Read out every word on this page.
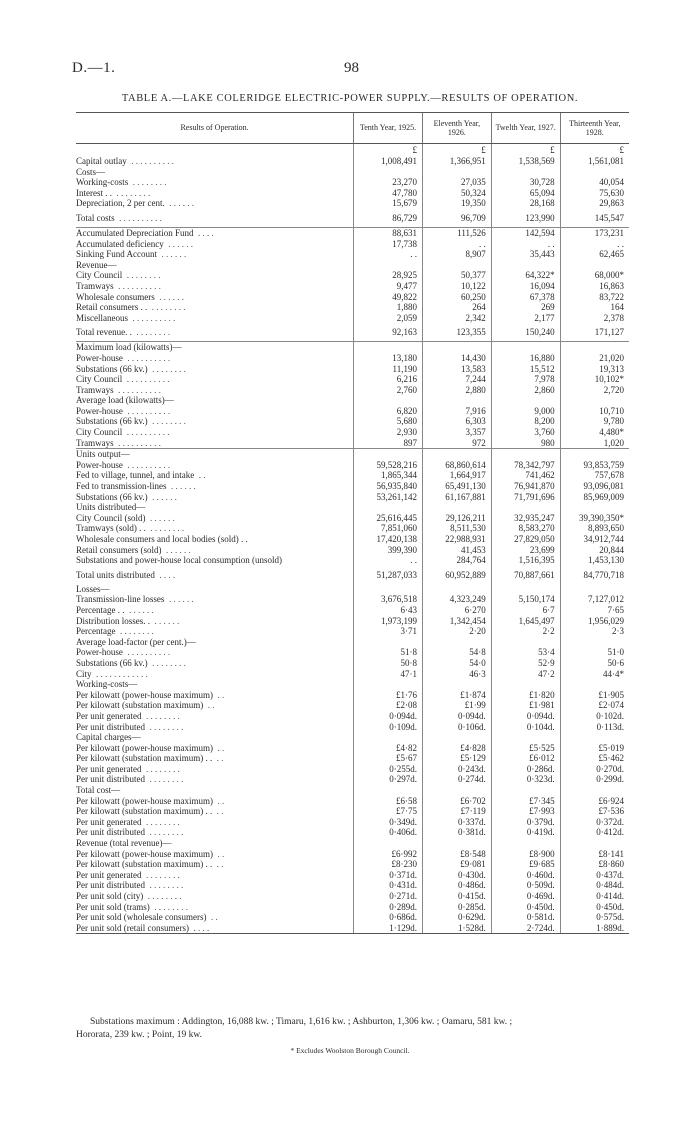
D.—1.	98
TABLE A.—LAKE COLERIDGE ELECTRIC-POWER SUPPLY.—RESULTS OF OPERATION.
Results of Operation.	Tenth Year, 1925.	Eleventh Year, 1926.	Twelth Year, 1927.	Thirteenth Year, 1928.
	£	£	£	£
Capital outlay . . . . . . . . . .	1,008,491	1,366,951	1,538,569	1,561,081
Costs—				
Working-costs . . . . . . . .	23,270	27,035	30,728	40,054
Interest . . . . . . . . . .	47,780	50,324	65,094	75,630
Depreciation, 2 per cent. . . . . . .	15,679	19,350	28,168	29,863
Total costs . . . . . . . . . .	86,729	96,709	123,990	145,547
Accumulated Depreciation Fund . . . .	88,631	111,526	142,594	173,231
Accumulated deficiency . . . . . .	17,738	. .	. .	. .
Sinking Fund Account . . . . . .	. .	8,907	35,443	62,465
Revenue—				
City Council . . . . . . . .	28,925	50,377	64,322*	68,000*
Tramways . . . . . . . . . .	9,477	10,122	16,094	16,863
Wholesale consumers . . . . . .	49,822	60,250	67,378	83,722
Retail consumers . . . . . . . . . .	1,880	264	269	164
Miscellaneous . . . . . . . . . .	2,059	2,342	2,177	2,378
Total revenue. . . . . . . . . .	92,163	123,355	150,240	171,127
Maximum load (kilowatts)—				
Power-house . . . . . . . . . .	13,180	14,430	16,880	21,020
Substations (66 kv.) . . . . . . . .	11,190	13,583	15,512	19,313
City Council . . . . . . . . . .	6,216	7,244	7,978	10,102*
Tramways . . . . . . . . . .	2,760	2,880	2,860	2,720
Average load (kilowatts)—				
Power-house . . . . . . . . . .	6,820	7,916	9,000	10,710
Substations (66 kv.) . . . . . . . .	5,680	6,303	8,200	9,780
City Council . . . . . . . . . .	2,930	3,357	3,760	4,480*
Tramways . . . . . . . . . .	897	972	980	1,020
Units output—				
Power-house . . . . . . . . . .	59,528,216	68,860,614	78,342,797	93,853,759
Fed to village, tunnel, and intake . .	1,865,344	1,664,917	741,462	757,678
Fed to transmission-lines . . . . . .	56,935,840	65,491,130	76,941,870	93,096,081
Substations (66 kv.) . . . . . .	53,261,142	61,167,881	71,791,696	85,969,009
Units distributed—				
City Council (sold) . . . . . .	25,616,445	29,126,211	32,935,247	39,390,350*
Tramways (sold) . . . . . . . . . .	7,851,060	8,511,530	8,583,270	8,893,650
Wholesale consumers and local bodies (sold) . .	17,420,138	22,988,931	27,829,050	34,912,744
Retail consumers (sold) . . . . . .	399,390	41,453	23,699	20,844
Substations and power-house local consumption (unsold)	. .	284,764	1,516,395	1,453,130
Total units distributed . . . .	51,287,033	60,952,889	70,887,661	84,770,718
Losses—				
Transmission-line losses . . . . . .	3,676,518	4,323,249	5,150,174	7,127,012
Percentage . . . . . . . .	6·43	6·270	6·7	7·65
Distribution losses. . . . . . . .	1,973,199	1,342,454	1,645,497	1,956,029
Percentage . . . . . . . .	3·71	2·20	2·2	2·3
Average load-factor (per cent.)—				
Power-house . . . . . . . . . .	51·8	54·8	53·4	51·0
Substations (66 kv.) . . . . . . . .	50·8	54·0	52·9	50·6
City . . . . . . . . . . . .	47·1	46·3	47·2	44·4*
Working-costs—				
Per kilowatt (power-house maximum) . .	£1·76	£1·874	£1·820	£1·905
Per kilowatt (substation maximum) . .	£2·08	£1·99	£1·981	£2·074
Per unit generated . . . . . . . .	0·094d.	0·094d.	0·094d.	0·102d.
Per unit distributed . . . . . . . .	0·109d.	0·106d.	0·104d.	0·113d.
Capital charges—				
Per kilowatt (power-house maximum) . .	£4·82	£4·828	£5·525	£5·019
Per kilowatt (substation maximum) . . . .	£5·67	£5·129	£6·012	£5·462
Per unit generated . . . . . . . .	0·255d.	0·243d.	0·286d.	0·270d.
Per unit distributed . . . . . . . .	0·297d.	0·274d.	0·323d.	0·299d.
Total cost—				
Per kilowatt (power-house maximum) . .	£6·58	£6·702	£7·345	£6·924
Per kilowatt (substation maximum) . . . .	£7·75	£7·119	£7·993	£7·536
Per unit generated . . . . . . . .	0·349d.	0·337d.	0·379d.	0·372d.
Per unit distributed . . . . . . . .	0·406d.	0·381d.	0·419d.	0·412d.
Revenue (total revenue)—				
Per kilowatt (power-house maximum) . .	£6·992	£8·548	£8·900	£8·141
Per kilowatt (substation maximum) . . . .	£8·230	£9·081	£9·685	£8·860
Per unit generated . . . . . . . .	0·371d.	0·430d.	0·460d.	0·437d.
Per unit distributed . . . . . . . .	0·431d.	0·486d.	0·509d.	0·484d.
Per unit sold (city) . . . . . . . .	0·271d.	0·415d.	0·469d.	0·414d.
Per unit sold (trams) . . . . . . . .	0·289d.	0·285d.	0·450d.	0·450d.
Per unit sold (wholesale consumers) . .	0·686d.	0·629d.	0·581d.	0·575d.
Per unit sold (retail consumers) . . . .	1·129d.	1·528d.	2·724d.	1·889d.
Substations maximum : Addington, 16,088 kw. ; Timaru, 1,616 kw. ; Ashburton, 1,306 kw. ; Oamaru, 581 kw. ;
Hororata, 239 kw. ; Point, 19 kw.
* Excludes Woolston Borough Council.
